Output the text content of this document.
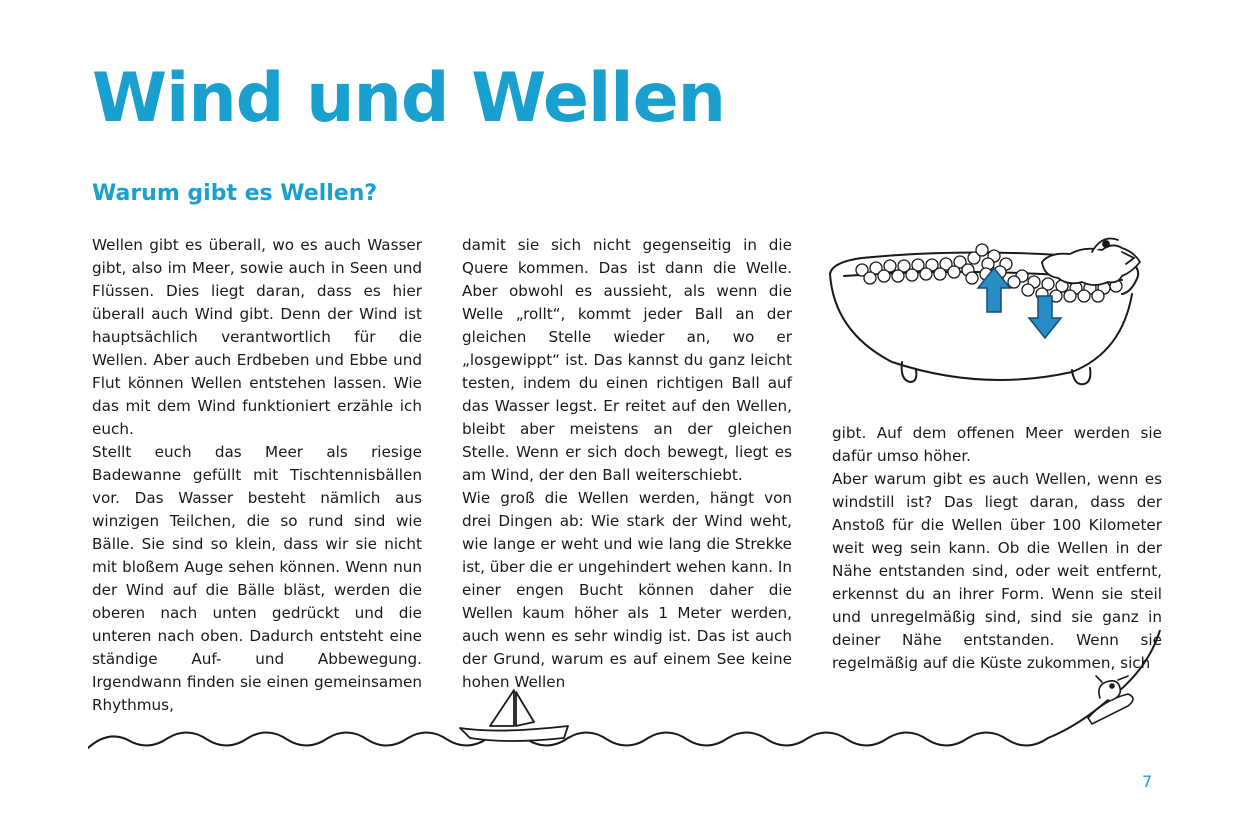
Wind und Wellen
Warum gibt es Wellen?

Wellen gibt es überall, wo es auch Wasser gibt, also im Meer, sowie auch in Seen und Flüssen. Dies liegt daran, dass es hier überall auch Wind gibt. Denn der Wind ist hauptsächlich verantwortlich für die Wellen. Aber auch Erdbeben und Ebbe und Flut können Wellen entstehen lassen. Wie das mit dem Wind funktioniert erzähle ich euch.

Stellt euch das Meer als riesige Badewanne gefüllt mit Tischtennisbällen vor. Das Wasser besteht nämlich aus winzigen Teilchen, die so rund sind wie Bälle. Sie sind so klein, dass wir sie nicht mit bloßem Auge sehen können. Wenn nun der Wind auf die Bälle bläst, werden die oberen nach unten gedrückt und die unteren nach oben. Dadurch entsteht eine ständige Auf- und Abbewegung. Irgendwann finden sie einen gemeinsamen Rhythmus,

damit sie sich nicht gegenseitig in die Quere kommen. Das ist dann die Welle. Aber obwohl es aussieht, als wenn die Welle „rollt“, kommt jeder Ball an der gleichen Stelle wieder an, wo er „losgewippt“ ist. Das kannst du ganz leicht testen, indem du einen richtigen Ball auf das Wasser legst. Er reitet auf den Wellen, bleibt aber meistens an der gleichen Stelle. Wenn er sich doch bewegt, liegt es am Wind, der den Ball weiterschiebt.

Wie groß die Wellen werden, hängt von drei Dingen ab: Wie stark der Wind weht, wie lange er weht und wie lang die Strekke ist, über die er ungehindert wehen kann. In einer engen Bucht können daher die Wellen kaum höher als 1 Meter werden, auch wenn es sehr windig ist. Das ist auch der Grund, warum es auf einem See keine hohen Wellen

gibt. Auf dem offenen Meer werden sie dafür umso höher.

Aber warum gibt es auch Wellen, wenn es windstill ist? Das liegt daran, dass der Anstoß für die Wellen über 100 Kilometer weit weg sein kann. Ob die Wellen in der Nähe entstanden sind, oder weit entfernt, erkennst du an ihrer Form. Wenn sie steil und unregelmäßig sind, sind sie ganz in deiner Nähe entstanden. Wenn sie regelmäßig auf die Küste zukommen, sich

7
